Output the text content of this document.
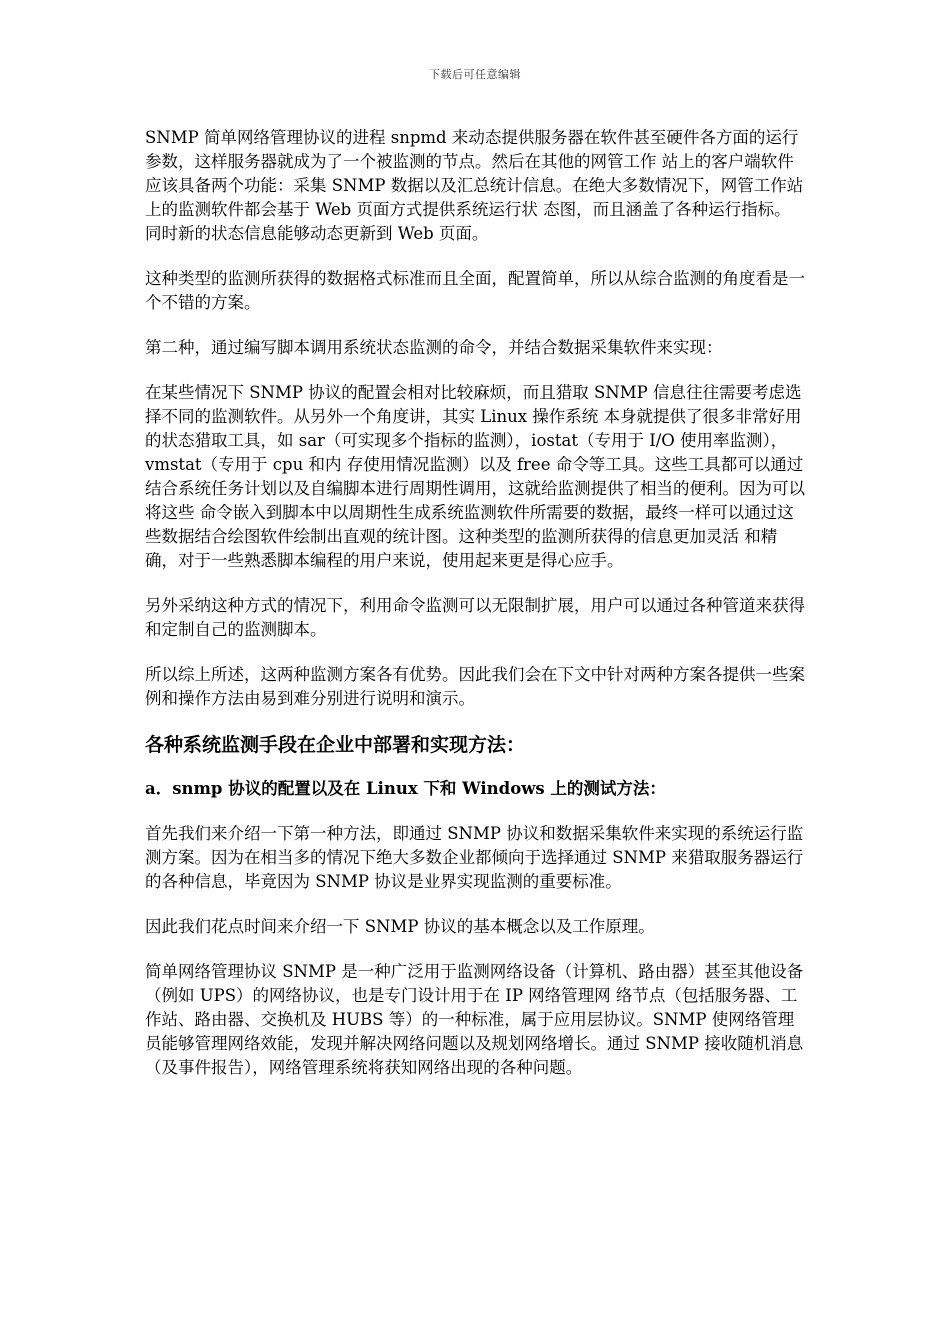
下载后可任意编辑

SNMP 简单网络管理协议的进程 snpmd 来动态提供服务器在软件甚至硬件各方面的运行参数，这样服务器就成为了一个被监测的节点。然后在其他的网管工作 站上的客户端软件应该具备两个功能：采集 SNMP 数据以及汇总统计信息。在绝大多数情况下，网管工作站上的监测软件都会基于 Web 页面方式提供系统运行状 态图，而且涵盖了各种运行指标。同时新的状态信息能够动态更新到 Web 页面。

这种类型的监测所获得的数据格式标准而且全面，配置简单，所以从综合监测的角度看是一个不错的方案。

第二种，通过编写脚本调用系统状态监测的命令，并结合数据采集软件来实现：

在某些情况下 SNMP 协议的配置会相对比较麻烦，而且猎取 SNMP 信息往往需要考虑选择不同的监测软件。从另外一个角度讲，其实 Linux 操作系统 本身就提供了很多非常好用的状态猎取工具，如 sar（可实现多个指标的监测），iostat（专用于 I/O 使用率监测），vmstat（专用于 cpu 和内 存使用情况监测）以及 free 命令等工具。这些工具都可以通过结合系统任务计划以及自编脚本进行周期性调用，这就给监测提供了相当的便利。因为可以将这些 命令嵌入到脚本中以周期性生成系统监测软件所需要的数据，最终一样可以通过这些数据结合绘图软件绘制出直观的统计图。这种类型的监测所获得的信息更加灵活 和精确，对于一些熟悉脚本编程的用户来说，使用起来更是得心应手。

另外采纳这种方式的情况下，利用命令监测可以无限制扩展，用户可以通过各种管道来获得和定制自己的监测脚本。

所以综上所述，这两种监测方案各有优势。因此我们会在下文中针对两种方案各提供一些案例和操作方法由易到难分别进行说明和演示。

各种系统监测手段在企业中部署和实现方法：
a．snmp 协议的配置以及在 Linux 下和 Windows 上的测试方法：

首先我们来介绍一下第一种方法，即通过 SNMP 协议和数据采集软件来实现的系统运行监测方案。因为在相当多的情况下绝大多数企业都倾向于选择通过 SNMP 来猎取服务器运行的各种信息，毕竟因为 SNMP 协议是业界实现监测的重要标准。

因此我们花点时间来介绍一下 SNMP 协议的基本概念以及工作原理。

简单网络管理协议 SNMP 是一种广泛用于监测网络设备（计算机、路由器）甚至其他设备（例如 UPS）的网络协议，也是专门设计用于在 IP 网络管理网 络节点（包括服务器、工作站、路由器、交换机及 HUBS 等）的一种标准，属于应用层协议。SNMP 使网络管理员能够管理网络效能，发现并解决网络问题以及规划网络增长。通过 SNMP 接收随机消息（及事件报告），网络管理系统将获知网络出现的各种问题。
